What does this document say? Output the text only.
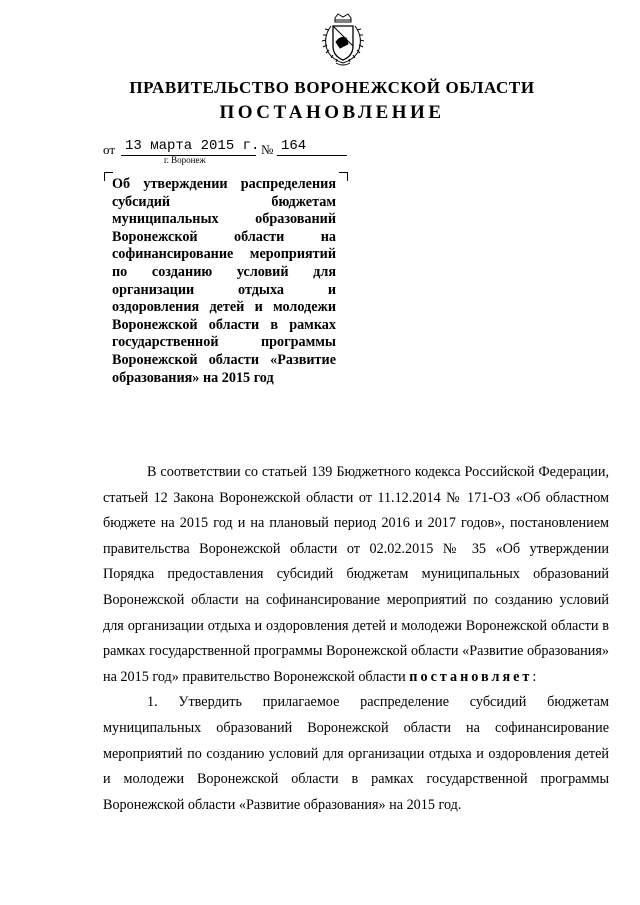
ПРАВИТЕЛЬСТВО ВОРОНЕЖСКОЙ ОБЛАСТИ
ПОСТАНОВЛЕНИЕ
от 13 марта 2015 г. № 164
г. Воронеж
Об утверждении распределения субсидий бюджетам муниципальных образований Воронежской области на софинансирование мероприятий по созданию условий для организации отдыха и оздоровления детей и молодежи Воронежской области в рамках государственной программы Воронежской области «Развитие образования» на 2015 год

В соответствии со статьей 139 Бюджетного кодекса Российской Федерации, статьей 12 Закона Воронежской области от 11.12.2014 № 171-ОЗ «Об областном бюджете на 2015 год и на плановый период 2016 и 2017 годов», постановлением правительства Воронежской области от 02.02.2015 № 35 «Об утверждении Порядка предоставления субсидий бюджетам муниципальных образований Воронежской области на софинансирование мероприятий по созданию условий для организации отдыха и оздоровления детей и молодежи Воронежской области в рамках государственной программы Воронежской области «Развитие образования» на 2015 год» правительство Воронежской области постановляет:

1. Утвердить прилагаемое распределение субсидий бюджетам муниципальных образований Воронежской области на софинансирование мероприятий по созданию условий для организации отдыха и оздоровления детей и молодежи Воронежской области в рамках государственной программы Воронежской области «Развитие образования» на 2015 год.
